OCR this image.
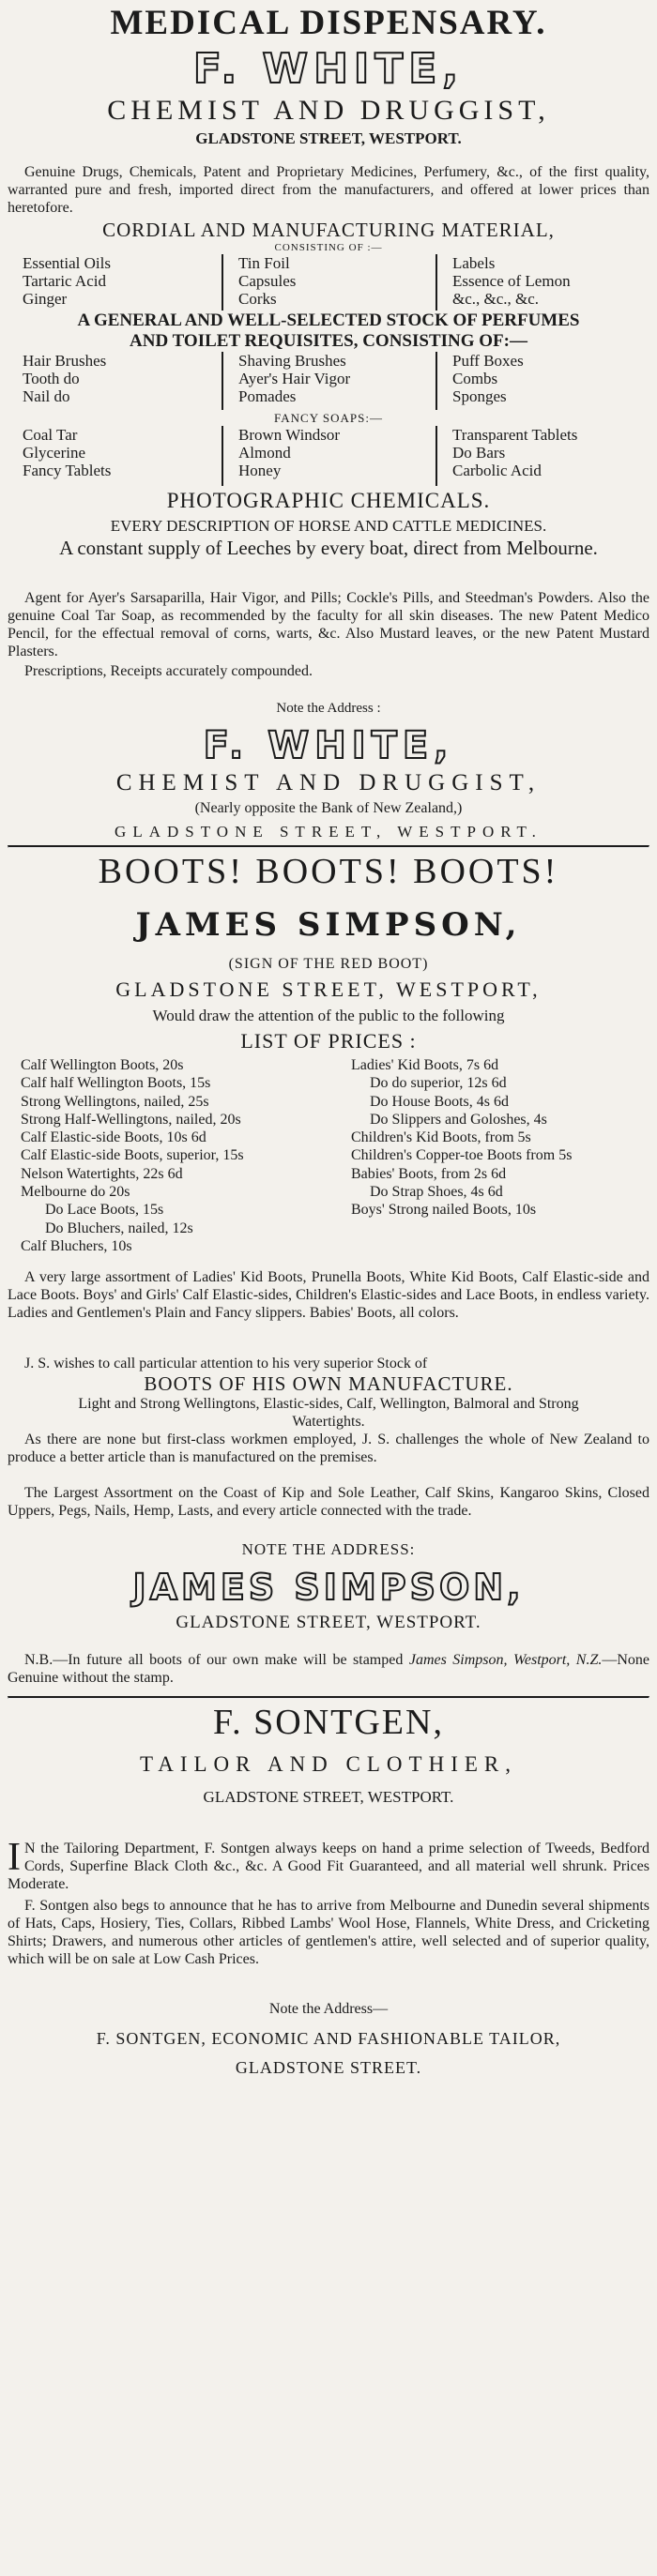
MEDICAL DISPENSARY.
F. WHITE,
CHEMIST AND DRUGGIST,
GLADSTONE STREET, WESTPORT.

Genuine Drugs, Chemicals, Patent and Proprietary Medicines, Perfumery, &c., of the first quality, warranted pure and fresh, imported direct from the manufacturers, and offered at lower prices than heretofore.

CORDIAL AND MANUFACTURING MATERIAL,
CONSISTING OF :—
Essential Oils
Tartaric Acid
Ginger
Tin Foil
Capsules
Corks
Labels
Essence of Lemon
&c., &c., &c.
A GENERAL AND WELL-SELECTED STOCK OF PERFUMES
AND TOILET REQUISITES, CONSISTING OF:—
Hair Brushes
Tooth do
Nail do
Shaving Brushes
Ayer's Hair Vigor
Pomades
Puff Boxes
Combs
Sponges
FANCY SOAPS:—
Coal Tar
Glycerine
Fancy Tablets
Brown Windsor
Almond
Honey
Transparent Tablets
Do Bars
Carbolic Acid
PHOTOGRAPHIC CHEMICALS.
EVERY DESCRIPTION OF HORSE AND CATTLE MEDICINES.
A constant supply of Leeches by every boat, direct from Melbourne.

Agent for Ayer's Sarsaparilla, Hair Vigor, and Pills; Cockle's Pills, and Steedman's Powders. Also the genuine Coal Tar Soap, as recommended by the faculty for all skin diseases. The new Patent Medico Pencil, for the effectual removal of corns, warts, &c. Also Mustard leaves, or the new Patent Mustard Plasters.

Prescriptions, Receipts accurately compounded.

Note the Address :
F. WHITE,
CHEMIST AND DRUGGIST,
(Nearly opposite the Bank of New Zealand,)
GLADSTONE STREET, WESTPORT.
BOOTS! BOOTS! BOOTS!
JAMES SIMPSON,
(SIGN OF THE RED BOOT)
GLADSTONE STREET, WESTPORT,
Would draw the attention of the public to the following
LIST OF PRICES :
Calf Wellington Boots, 20s
Calf half Wellington Boots, 15s
Strong Wellingtons, nailed, 25s
Strong Half-Wellingtons, nailed, 20s
Calf Elastic-side Boots, 10s 6d
Calf Elastic-side Boots, superior, 15s
Nelson Watertights, 22s 6d
Melbourne do 20s
Do Lace Boots, 15s
Do Bluchers, nailed, 12s
Calf Bluchers, 10s
Ladies' Kid Boots, 7s 6d
Do do superior, 12s 6d
Do House Boots, 4s 6d
Do Slippers and Goloshes, 4s
Children's Kid Boots, from 5s
Children's Copper-toe Boots from 5s
Babies' Boots, from 2s 6d
Do Strap Shoes, 4s 6d
Boys' Strong nailed Boots, 10s

A very large assortment of Ladies' Kid Boots, Prunella Boots, White Kid Boots, Calf Elastic-side and Lace Boots. Boys' and Girls' Calf Elastic-sides, Children's Elastic-sides and Lace Boots, in endless variety. Ladies and Gentlemen's Plain and Fancy slippers. Babies' Boots, all colors.

J. S. wishes to call particular attention to his very superior Stock of

BOOTS OF HIS OWN MANUFACTURE.
Light and Strong Wellingtons, Elastic-sides, Calf, Wellington, Balmoral and Strong Watertights.

As there are none but first-class workmen employed, J. S. challenges the whole of New Zealand to produce a better article than is manufactured on the premises.

The Largest Assortment on the Coast of Kip and Sole Leather, Calf Skins, Kangaroo Skins, Closed Uppers, Pegs, Nails, Hemp, Lasts, and every article connected with the trade.

NOTE THE ADDRESS:
JAMES SIMPSON,
GLADSTONE STREET, WESTPORT.

N.B.—In future all boots of our own make will be stamped James Simpson, Westport, N.Z.—None Genuine without the stamp.

F. SONTGEN,
TAILOR AND CLOTHIER,
GLADSTONE STREET, WESTPORT.

I N the Tailoring Department, F. Sontgen always keeps on hand a prime selection of Tweeds, Bedford Cords, Superfine Black Cloth &c., &c. A Good Fit Guaranteed, and all material well shrunk. Prices Moderate.

F. Sontgen also begs to announce that he has to arrive from Melbourne and Dunedin several shipments of Hats, Caps, Hosiery, Ties, Collars, Ribbed Lambs' Wool Hose, Flannels, White Dress, and Cricketing Shirts; Drawers, and numerous other articles of gentlemen's attire, well selected and of superior quality, which will be on sale at Low Cash Prices.

Note the Address—
F. SONTGEN, ECONOMIC AND FASHIONABLE TAILOR,
GLADSTONE STREET.
